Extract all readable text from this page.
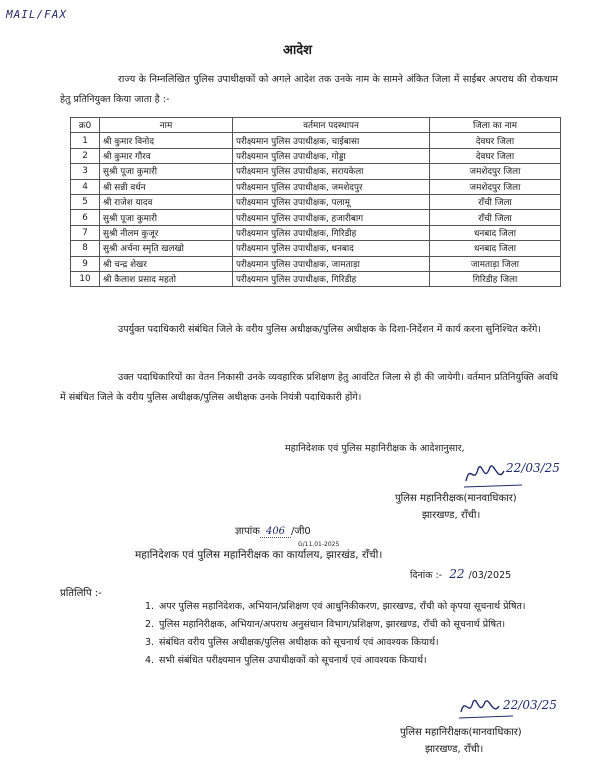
MAIL/FAX
आदेश
राज्य के निम्नलिखित पुलिस उपाधीक्षकों को अगले आदेश तक उनके नाम के सामने अंकित जिला में साईबर अपराध की रोकथाम हेतु प्रतिनियुक्त किया जाता है :-
क्र0	नाम	वर्तमान पदस्थापन	जिला का नाम
1	श्री कुमार विनोद	परीक्ष्यमान पुलिस उपाधीक्षक, चाईबासा	देवघर जिला
2	श्री कुमार गौरव	परीक्ष्यमान पुलिस उपाधीक्षक, गोड्डा	देवघर जिला
3	सुश्री पूजा कुमारी	परीक्ष्यमान पुलिस उपाधीक्षक, सरायकेला	जमशेदपुर जिला
4	श्री सन्नी वर्धन	परीक्ष्यमान पुलिस उपाधीक्षक, जमशेदपुर	जमशेदपुर जिला
5	श्री राजेश यादव	परीक्ष्यमान पुलिस उपाधीक्षक, पलामू	राँची जिला
6	सुश्री पूजा कुमारी	परीक्ष्यमान पुलिस उपाधीक्षक, हजारीबाग	राँची जिला
7	सुश्री नीलम कुजूर	परीक्ष्यमान पुलिस उपाधीक्षक, गिरिडीह	धनबाद जिला
8	सुश्री अर्चना स्मृति खलखो	परीक्ष्यमान पुलिस उपाधीक्षक, धनबाद	धनबाद जिला
9	श्री चन्द्र शेखर	परीक्ष्यमान पुलिस उपाधीक्षक, जामताड़ा	जामताड़ा जिला
10	श्री कैलाश प्रसाद महतो	परीक्ष्यमान पुलिस उपाधीक्षक, गिरिडीह	गिरिडीह जिला
उपर्युक्त पदाधिकारी संबंधित जिले के वरीय पुलिस अधीक्षक/पुलिस अधीक्षक के दिशा-निर्देशन में कार्य करना सुनिश्चित करेंगे।
उक्त पदाधिकारियों का वेतन निकासी उनके व्यवहारिक प्रशिक्षण हेतु आवंटित जिला से ही की जायेगी। वर्तमान प्रतिनियुक्ति अवधि में संबंधित जिले के वरीय पुलिस अधीक्षक/पुलिस अधीक्षक उनके नियंत्री पदाधिकारी होंगे।
महानिदेशक एवं पुलिस महानिरीक्षक के आदेशानुसार,
22/03/25
पुलिस महानिरीक्षक(मानवाधिकार)
झारखण्ड, राँची।
ज्ञापांक 406 /जी0
G/11.01-2025
महानिदेशक एवं पुलिस महानिरीक्षक का कार्यालय, झारखंड, राँची।
दिनांक :- 22 /03/2025
प्रतिलिपि :-
1. अपर पुलिस महानिदेशक, अभियान/प्रशिक्षण एवं आधुनिकीकरण, झारखण्ड, राँची को कृपया सूचनार्थ प्रेषित।
2. पुलिस महानिरीक्षक, अभियान/अपराध अनुसंधान विभाग/प्रशिक्षण, झारखण्ड, राँची को सूचनार्थ प्रेषित।
3. संबंधित वरीय पुलिस अधीक्षक/पुलिस अधीक्षक को सूचनार्थ एवं आवश्यक कियार्थ।
4. सभी संबंधित परीक्ष्यमान पुलिस उपाधीक्षकों को सूचनार्थ एवं आवश्यक कियार्थ।
22/03/25
पुलिस महानिरीक्षक(मानवाधिकार)
झारखण्ड, राँची।
